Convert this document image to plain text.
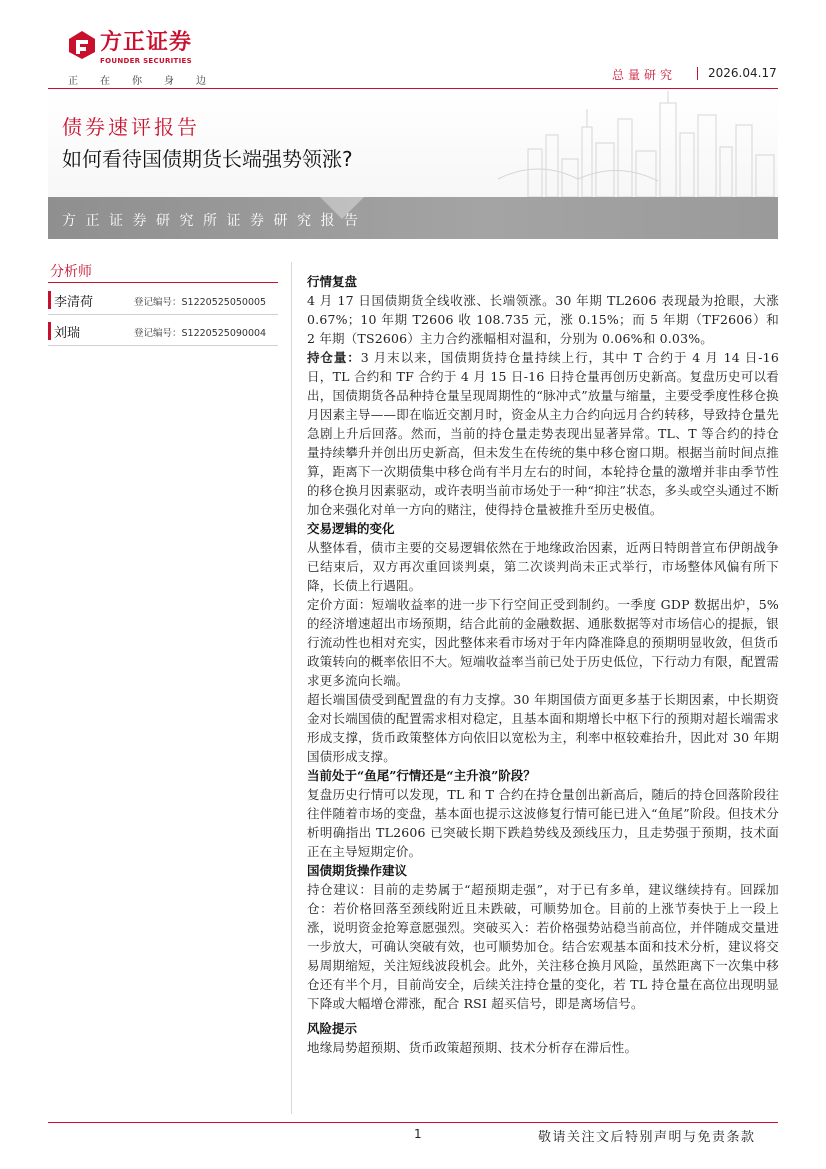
方正证券
FOUNDER SECURITIES
正在你身边	总量研究	2026.04.17
债券速评报告
如何看待国债期货长端强势领涨?
方正证券研究所证券研究报告
分析师
李清荷	登记编号：S1220525050005
刘瑞	登记编号：S1220525090004

行情复盘

4 月 17 日国债期货全线收涨、长端领涨。30 年期 TL2606 表现最为抢眼，大涨 0.67%；10 年期 T2606 收 108.735 元，涨 0.15%；而 5 年期（TF2606）和 2 年期（TS2606）主力合约涨幅相对温和，分别为 0.06%和 0.03%。

持仓量：3 月末以来，国债期货持仓量持续上行，其中 T 合约于 4 月 14 日-16 日，TL 合约和 TF 合约于 4 月 15 日-16 日持仓量再创历史新高。复盘历史可以看出，国债期货各品种持仓量呈现周期性的“脉冲式”放量与缩量，主要受季度性移仓换月因素主导——即在临近交割月时，资金从主力合约向远月合约转移，导致持仓量先急剧上升后回落。然而，当前的持仓量走势表现出显著异常。TL、T 等合约的持仓量持续攀升并创出历史新高，但未发生在传统的集中移仓窗口期。根据当前时间点推算，距离下一次期债集中移仓尚有半月左右的时间，本轮持仓量的激增并非由季节性的移仓换月因素驱动，或许表明当前市场处于一种“抑注”状态，多头或空头通过不断加仓来强化对单一方向的赌注，使得持仓量被推升至历史极值。

交易逻辑的变化

从整体看，债市主要的交易逻辑依然在于地缘政治因素，近两日特朗普宣布伊朗战争已结束后，双方再次重回谈判桌，第二次谈判尚未正式举行，市场整体风偏有所下降，长债上行遇阻。

定价方面：短端收益率的进一步下行空间正受到制约。一季度 GDP 数据出炉，5%的经济增速超出市场预期，结合此前的金融数据、通胀数据等对市场信心的提振，银行流动性也相对充实，因此整体来看市场对于年内降准降息的预期明显收敛，但货币政策转向的概率依旧不大。短端收益率当前已处于历史低位，下行动力有限，配置需求更多流向长端。

超长端国债受到配置盘的有力支撑。30 年期国债方面更多基于长期因素，中长期资金对长端国债的配置需求相对稳定，且基本面和期增长中枢下行的预期对超长端需求形成支撑，货币政策整体方向依旧以宽松为主，利率中枢较难抬升，因此对 30 年期国债形成支撑。

当前处于“鱼尾”行情还是“主升浪”阶段？

复盘历史行情可以发现，TL 和 T 合约在持仓量创出新高后，随后的持仓回落阶段往往伴随着市场的变盘，基本面也提示这波修复行情可能已进入“鱼尾”阶段。但技术分析明确指出 TL2606 已突破长期下跌趋势线及颈线压力，且走势强于预期，技术面正在主导短期定价。

国债期货操作建议

持仓建议：目前的走势属于“超预期走强”，对于已有多单，建议继续持有。回踩加仓：若价格回落至颈线附近且未跌破，可顺势加仓。目前的上涨节奏快于上一段上涨，说明资金抢筹意愿强烈。突破买入：若价格强势站稳当前高位，并伴随成交量进一步放大，可确认突破有效，也可顺势加仓。结合宏观基本面和技术分析，建议将交易周期缩短，关注短线波段机会。此外，关注移仓换月风险，虽然距离下一次集中移仓还有半个月，目前尚安全，后续关注持仓量的变化，若 TL 持仓量在高位出现明显下降或大幅增仓滞涨，配合 RSI 超买信号，即是离场信号。

风险提示

地缘局势超预期、货币政策超预期、技术分析存在滞后性。

1	敬请关注文后特别声明与免责条款
